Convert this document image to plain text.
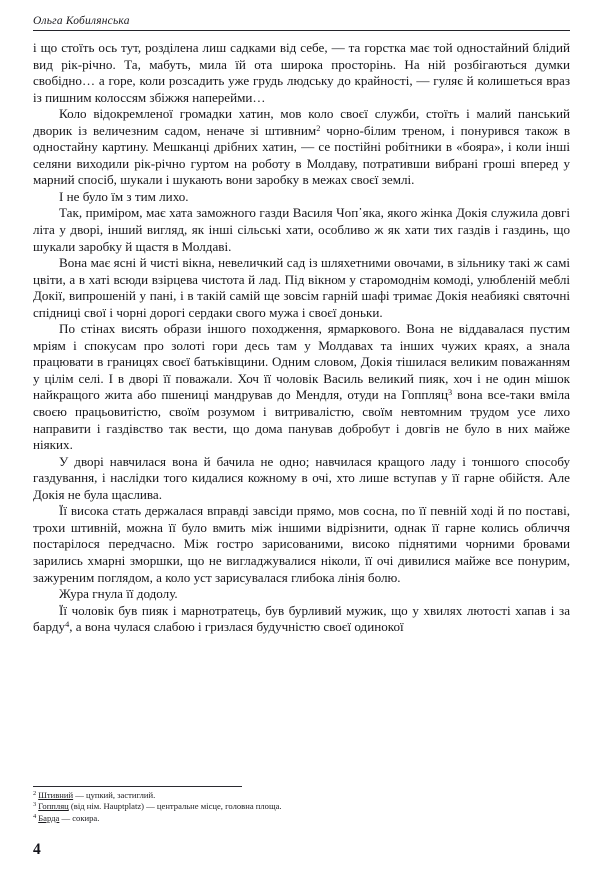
Ольга Кобилянська

і що стоїть ось тут, розділена лиш садками від себе, — та горстка має той одностайний блідий вид рік-річно. Та, мабуть, мила їй ота широка просторінь. На ній розбігаються думки свобідно… а горе, коли розсадить уже грудь людську до крайності, — гуляє й колишеться враз із пишним колоссям збіжжя наперейми…

Коло відокремленої громадки хатин, мов коло своєї служби, стоїть і малий панський дворик із величезним садом, неначе зі штивним$^2$ чорно-білим треном, і понурився також в одностайну картину. Мешканці дрібних хатин, — се постійні робітники в «бояра», і коли інші селяни виходили рік-річно гуртом на роботу в Молдаву, потративши вибрані гроші вперед у марний спосіб, шукали і шукають вони заробку в межах своєї землі.

І не було їм з тим лихо.

Так, приміром, має хата заможного газди Василя Чоп᾽яка, якого жінка Докія служила довгі літа у дворі, інший вигляд, як інші сільські хати, особливо ж як хати тих газдів і газдинь, що шукали заробку й щастя в Молдаві.

Вона має ясні й чисті вікна, невеличкий сад із шляхетними овочами, в зільнику такі ж самі цвіти, а в хаті всюди взірцева чистота й лад. Під вікном у старомоднім комоді, улюбленій меблі Докії, випрошеній у пані, і в такій самій ще зовсім гарній шафі тримає Докія неабиякі святочні спідниці свої і чорні дорогі сердаки свого мужа і своєї доньки.

По стінах висять образи іншого походження, ярмаркового. Вона не віддавалася пустим мріям і спокусам про золоті гори десь там у Молдавах та інших чужих краях, а знала працювати в границях своєї батьківщини. Одним словом, Докія тішилася великим поважанням у цілім селі. І в дворі її поважали. Хоч її чоловік Василь великий пияк, хоч і не один мішок найкращого жита або пшениці мандрував до Мендля, отуди на Гоппляц$^3$ вона все-таки вміла своєю працьовитістю, своїм розумом і витривалістю, своїм невтомним трудом усе лихо направити і газдівство так вести, що дома панував добробут і довгів не було в них майже ніяких.

У дворі навчилася вона й бачила не одно; навчилася кращого ладу і тоншого способу газдування, і наслідки того кидалися кожному в очі, хто лише вступав у її гарне обійстя. Але Докія не була щаслива.

Її висока стать держалася вправді завсіди прямо, мов сосна, по її певній ході й по поставі, трохи штивній, можна її було вмить між іншими відрізнити, однак її гарне колись обличчя постарілося передчасно. Між гостро зарисованими, високо піднятими чорними бровами зарились хмарні зморшки, що не вигладжувалися ніколи, її очі дивилися майже все понурим, зажуреним поглядом, а коло уст зарисувалася глибока лінія болю.

Жура гнула її додолу.

Її чоловік був пияк і марнотратець, був бурливий мужик, що у хвилях лютості хапав і за барду$^4$, а вона чулася слабою і гризлася будучністю своєї одинокої

$^2$ Штивний — цупкий, застиглий.
$^3$ Гоппляц (від нім. Hauptplatz) — центральне місце, головна площа.
$^4$ Барда — сокира.
4
